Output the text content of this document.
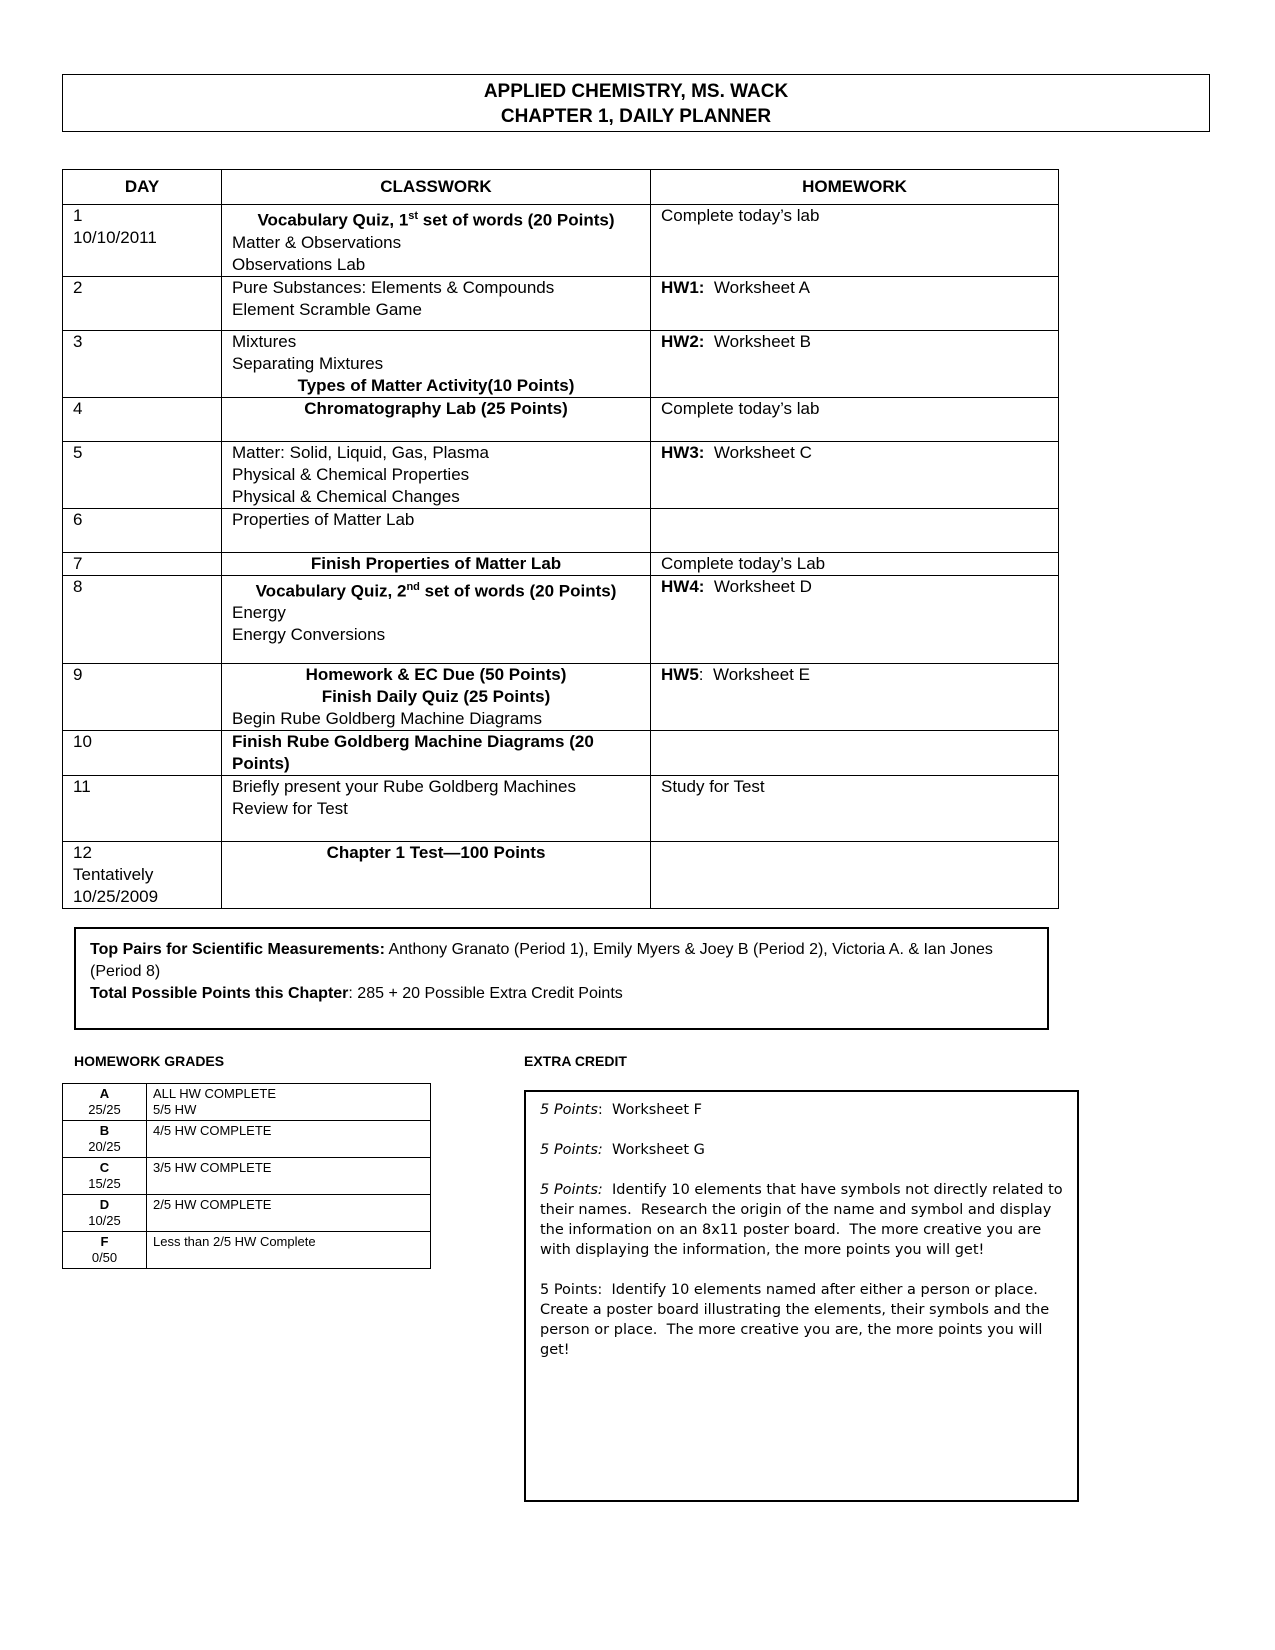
APPLIED CHEMISTRY, MS. WACK
CHAPTER 1, DAILY PLANNER
DAY	CLASSWORK	HOMEWORK

1
10/10/2011	Vocabulary Quiz, 1st set of words (20 Points)
Matter & Observations
Observations Lab	Complete today’s lab

2	Pure Substances: Elements & Compounds
Element Scramble Game	HW1:  Worksheet A

3	Mixtures
Separating Mixtures
Types of Matter Activity(10 Points)	HW2:  Worksheet B

4	Chromatography Lab (25 Points)	Complete today’s lab

5	Matter: Solid, Liquid, Gas, Plasma
Physical & Chemical Properties
Physical & Chemical Changes	HW3:  Worksheet C

6	Properties of Matter Lab	

7	Finish Properties of Matter Lab	Complete today’s Lab

8	Vocabulary Quiz, 2nd set of words (20 Points)
Energy
Energy Conversions	HW4:  Worksheet D

9	Homework & EC Due (50 Points)
Finish Daily Quiz (25 Points)
Begin Rube Goldberg Machine Diagrams	HW5:  Worksheet E

10	Finish Rube Goldberg Machine Diagrams (20 Points)	

11	Briefly present your Rube Goldberg Machines
Review for Test	Study for Test

12
Tentatively
10/25/2009	Chapter 1 Test—100 Points	

Top Pairs for Scientific Measurements: Anthony Granato (Period 1), Emily Myers & Joey B (Period 2), Victoria A. & Ian Jones (Period 8)
Total Possible Points this Chapter: 285 + 20 Possible Extra Credit Points
HOMEWORK GRADES
A
25/25	ALL HW COMPLETE
5/5 HW

B
20/25	4/5 HW COMPLETE

C
15/25	3/5 HW COMPLETE

D
10/25	2/5 HW COMPLETE

F
0/50	Less than 2/5 HW Complete
EXTRA CREDIT

5 Points:  Worksheet F

5 Points:  Worksheet G

5 Points:  Identify 10 elements that have symbols not directly related to their names.  Research the origin of the name and symbol and display the information on an 8x11 poster board.  The more creative you are with displaying the information, the more points you will get!

5 Points:  Identify 10 elements named after either a person or place.  Create a poster board illustrating the elements, their symbols and the person or place.  The more creative you are, the more points you will get!
